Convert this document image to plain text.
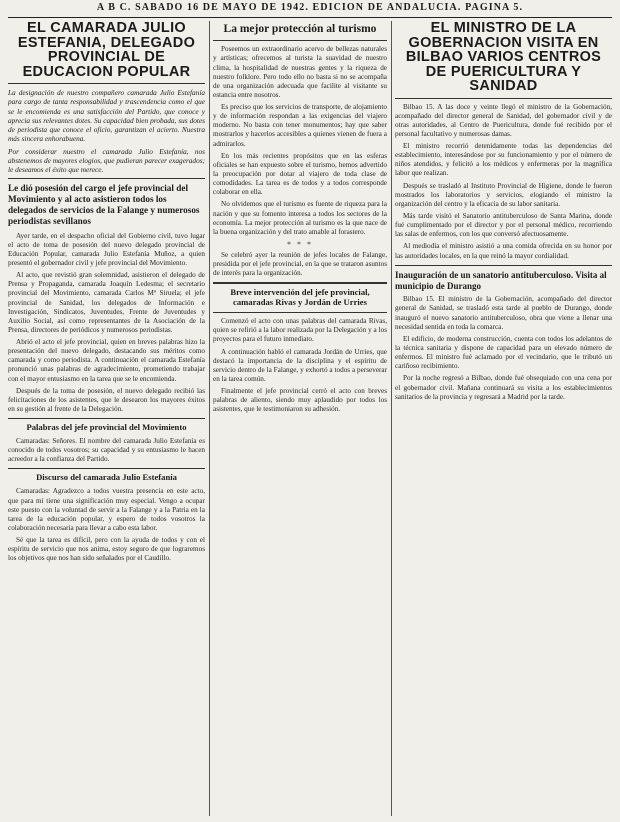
A B C. SABADO 16 DE MAYO DE 1942. EDICION DE ANDALUCIA. PAGINA 5.
EL CAMARADA JULIO ESTEFANIA, DELEGADO PROVINCIAL DE EDUCACION POPULAR

La designación de nuestro compañero camarada Julio Estefanía para cargo de tanta responsabilidad y trascendencia como el que se le encomienda es una satisfacción del Partido, que conoce y aprecia sus relevantes dotes. Su capacidad bien probada, sus dotes de periodista que conoce el oficio, garantizan el acierto. Nuestra más sincera enhorabuena.

Por considerar nuestro el camarada Julio Estefanía, nos abstenemos de mayores elogios, que pudieran parecer exagerados; le deseamos el éxito que merece.

Le dió posesión del cargo el jefe provincial del Movimiento y al acto asistieron todos los delegados de servicios de la Falange y numerosos periodistas sevillanos

Ayer tarde, en el despacho oficial del Gobierno civil, tuvo lugar el acto de toma de posesión del nuevo delegado provincial de Educación Popular, camarada Julio Estefanía Muñoz, a quien presentó el gobernador civil y jefe provincial del Movimiento.

Al acto, que revistió gran solemnidad, asistieron el delegado de Prensa y Propaganda, camarada Joaquín Ledesma; el secretario provincial del Movimiento, camarada Carlos Mª Siruela; el jefe provincial de Sanidad, los delegados de Información e Investigación, Sindicatos, Juventudes, Frente de Juventudes y Auxilio Social, así como representantes de la Asociación de la Prensa, directores de periódicos y numerosos periodistas.

Abrió el acto el jefe provincial, quien en breves palabras hizo la presentación del nuevo delegado, destacando sus méritos como camarada y como periodista. A continuación el camarada Estefanía pronunció unas palabras de agradecimiento, prometiendo trabajar con el mayor entusiasmo en la tarea que se le encomienda.

Después de la toma de posesión, el nuevo delegado recibió las felicitaciones de los asistentes, que le desearon los mayores éxitos en su gestión al frente de la Delegación.

Palabras del jefe provincial del Movimiento

Camaradas: Señores. El nombre del camarada Julio Estefanía es conocido de todos vosotros; su capacidad y su entusiasmo le hacen acreedor a la confianza del Partido.

Discurso del camarada Julio Estefanía

Camaradas: Agradezco a todos vuestra presencia en este acto, que para mí tiene una significación muy especial. Vengo a ocupar este puesto con la voluntad de servir a la Falange y a la Patria en la tarea de la educación popular, y espero de todos vosotros la colaboración necesaria para llevar a cabo esta labor.

Sé que la tarea es difícil, pero con la ayuda de todos y con el espíritu de servicio que nos anima, estoy seguro de que lograremos los objetivos que nos han sido señalados por el Caudillo.

La mejor protección al turismo

Poseemos un extraordinario acervo de bellezas naturales y artísticas; ofrecemos al turista la suavidad de nuestro clima, la hospitalidad de nuestras gentes y la riqueza de nuestro folklore. Pero todo ello no basta si no se acompaña de una organización adecuada que facilite al visitante su estancia entre nosotros.

Es preciso que los servicios de transporte, de alojamiento y de información respondan a las exigencias del viajero moderno. No basta con tener monumentos; hay que saber mostrarlos y hacerlos accesibles a quienes vienen de fuera a admirarlos.

En los más recientes propósitos que en las esferas oficiales se han expuesto sobre el turismo, hemos advertido la preocupación por dotar al viajero de toda clase de comodidades. La tarea es de todos y a todos corresponde colaborar en ella.

No olvidemos que el turismo es fuente de riqueza para la nación y que su fomento interesa a todos los sectores de la economía. La mejor protección al turismo es la que nace de la buena organización y del trato amable al forastero.

* * *

Se celebró ayer la reunión de jefes locales de Falange, presidida por el jefe provincial, en la que se trataron asuntos de interés para la organización.

Breve intervención del jefe provincial, camaradas Rivas y Jordán de Urries

Comenzó el acto con unas palabras del camarada Rivas, quien se refirió a la labor realizada por la Delegación y a los proyectos para el futuro inmediato.

A continuación habló el camarada Jordán de Urries, que destacó la importancia de la disciplina y el espíritu de servicio dentro de la Falange, y exhortó a todos a perseverar en la tarea común.

Finalmente el jefe provincial cerró el acto con breves palabras de aliento, siendo muy aplaudido por todos los asistentes, que le testimoniaron su adhesión.

EL MINISTRO DE LA GOBERNACION VISITA EN BILBAO VARIOS CENTROS DE PUERICULTURA Y SANIDAD

Bilbao 15. A las doce y veinte llegó el ministro de la Gobernación, acompañado del director general de Sanidad, del gobernador civil y de otras autoridades, al Centro de Puericultura, donde fué recibido por el personal facultativo y numerosas damas.

El ministro recorrió detenidamente todas las dependencias del establecimiento, interesándose por su funcionamiento y por el número de niños atendidos, y felicitó a los médicos y enfermeras por la magnífica labor que realizan.

Después se trasladó al Instituto Provincial de Higiene, donde le fueron mostrados los laboratorios y servicios, elogiando el ministro la organización del centro y la eficacia de su labor sanitaria.

Más tarde visitó el Sanatorio antituberculoso de Santa Marina, donde fué cumplimentado por el director y por el personal médico, recorriendo las salas de enfermos, con los que conversó afectuosamente.

Al mediodía el ministro asistió a una comida ofrecida en su honor por las autoridades locales, en la que reinó la mayor cordialidad.

Inauguración de un sanatorio antituberculoso. Visita al municipio de Durango

Bilbao 15. El ministro de la Gobernación, acompañado del director general de Sanidad, se trasladó esta tarde al pueblo de Durango, donde inauguró el nuevo sanatorio antituberculoso, obra que viene a llenar una necesidad sentida en toda la comarca.

El edificio, de moderna construcción, cuenta con todos los adelantos de la técnica sanitaria y dispone de capacidad para un elevado número de enfermos. El ministro fué aclamado por el vecindario, que le tributó un cariñoso recibimiento.

Por la noche regresó a Bilbao, donde fué obsequiado con una cena por el gobernador civil. Mañana continuará su visita a los establecimientos sanitarios de la provincia y regresará a Madrid por la tarde.
